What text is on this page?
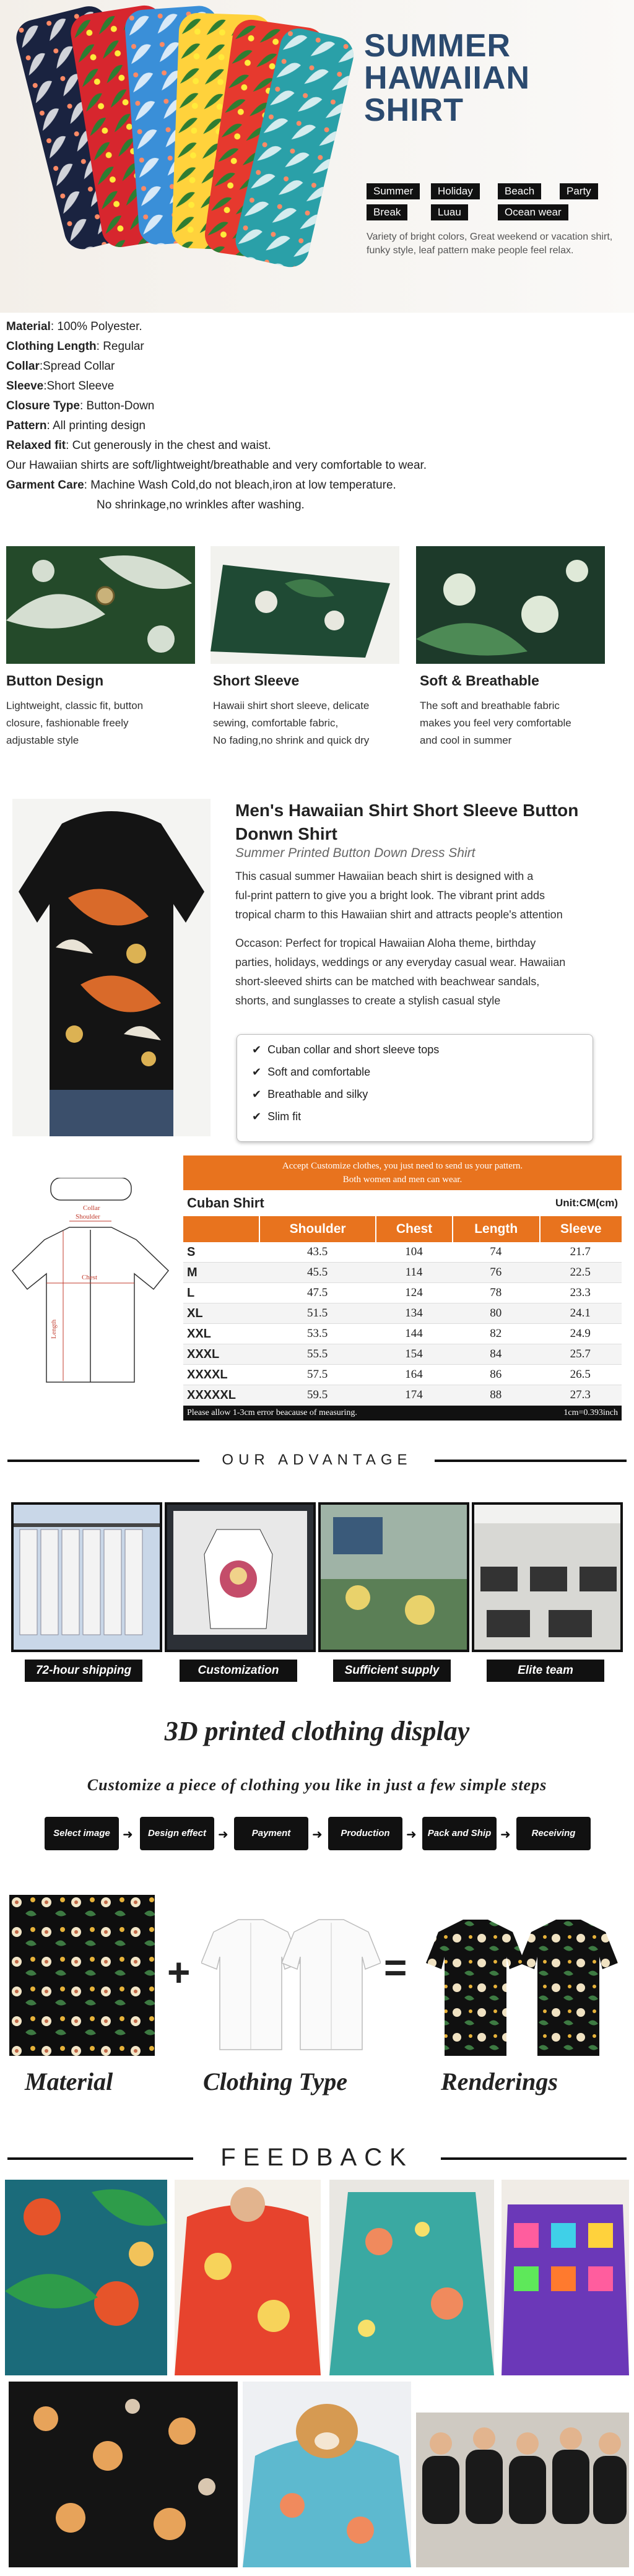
SUMMER
HAWAIIAN
SHIRT
Summer	Holiday	Beach	Party
Break	Luau	Ocean wear
Variety of bright colors, Great weekend or vacation shirt, funky style, leaf pattern make people feel relax.
Material: 100% Polyester.
Clothing Length: Regular
Collar:Spread Collar
Sleeve:Short Sleeve
Closure Type: Button-Down
Pattern: All printing design
Relaxed fit: Cut generously in the chest and waist.
Our Hawaiian shirts are soft/lightweight/breathable and very comfortable to wear.
Garment Care: Machine Wash Cold,do not bleach,iron at low temperature.
No shrinkage,no wrinkles after washing.
Button Design	Short Sleeve	Soft & Breathable
Lightweight, classic fit, button
closure, fashionable freely
adjustable style
Hawaii shirt short sleeve, delicate
sewing, comfortable fabric,
No fading,no shrink and quick dry
The soft and breathable fabric
makes you feel very comfortable
and cool in summer
Men's Hawaiian Shirt Short Sleeve Button Donwn Shirt
Summer Printed Button Down Dress Shirt
This casual summer Hawaiian beach shirt is designed with a
ful-print pattern to give you a bright look. The vibrant print adds
tropical charm to this Hawaiian shirt and attracts people's attention
Occason: Perfect for tropical Hawaiian Aloha theme, birthday
parties, holidays, weddings or any everyday casual wear. Hawaiian
short-sleeved shirts can be matched with beachwear sandals,
shorts, and sunglasses to create a stylish casual style
✔  Cuban collar and short sleeve tops
✔  Soft and comfortable
✔  Breathable and silky
✔  Slim fit
Collar
Shoulder
Chest
Length
Accept Customize clothes, you just need to send us your pattern.
Both women and men can wear.				

Cuban Shirt			Unit:CM(cm)	
	Shoulder	Chest	Length	Sleeve
S	43.5	104	74	21.7
M	45.5	114	76	22.5
L	47.5	124	78	23.3
XL	51.5	134	80	24.1
XXL	53.5	144	82	24.9
XXXL	55.5	154	84	25.7
XXXXL	57.5	164	86	26.5
XXXXXL	59.5	174	88	27.3
Please allow 1-3cm error beacause of measuring.			1cm=0.393inch	
OUR ADVANTAGE
72-hour shipping	Customization	Sufficient supply	Elite team
3D printed clothing display
Customize a piece of clothing you like in just a few simple steps
Select image	➜	Design effect ➜	Payment	➜	Production	➜	Pack and Ship ➜	Receiving
+	=
Material	Clothing Type	Renderings
FEEDBACK
